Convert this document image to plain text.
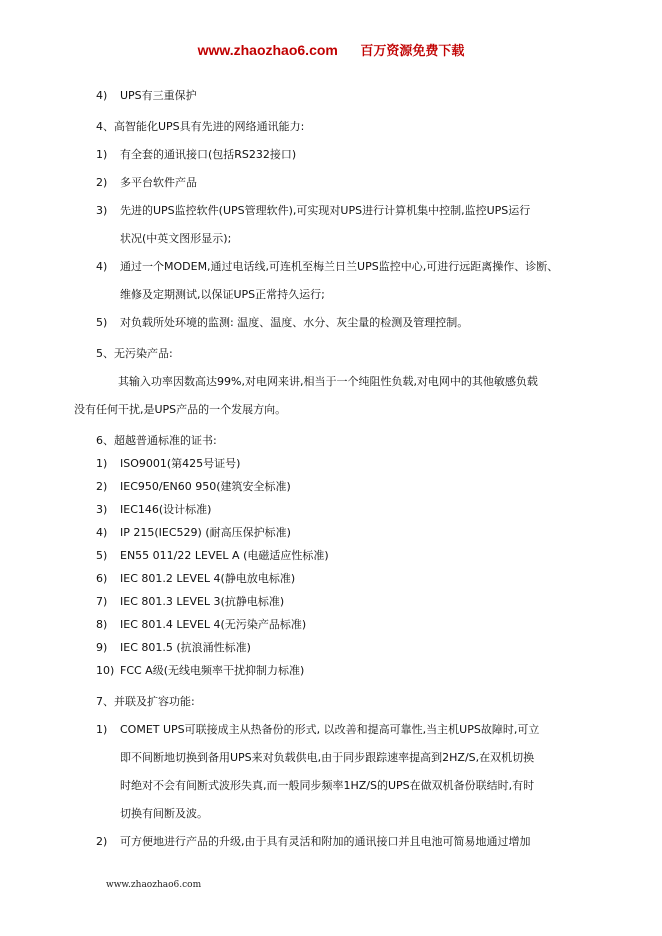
www.zhaozhao6.com 百万资源免费下载
4) UPS有三重保护
4、高智能化UPS具有先进的网络通讯能力:
1) 有全套的通讯接口(包括RS232接口)
2) 多平台软件产品
3) 先进的UPS监控软件(UPS管理软件),可实现对UPS进行计算机集中控制,监控UPS运行
状况(中英文图形显示);
4) 通过一个MODEM,通过电话线,可连机至梅兰日兰UPS监控中心,可进行远距离操作、诊断、
维修及定期测试,以保证UPS正常持久运行;
5) 对负载所处环境的监测: 温度、温度、水分、灰尘量的检测及管理控制。
5、无污染产品:
其输入功率因数高达99%,对电网来讲,相当于一个纯阻性负载,对电网中的其他敏感负载
没有任何干扰,是UPS产品的一个发展方向。
6、超越普通标准的证书:
1) ISO9001(第425号证号)
2) IEC950/EN60 950(建筑安全标准)
3) IEC146(设计标准)
4) IP 215(IEC529) (耐高压保护标准)
5) EN55 011/22 LEVEL A (电磁适应性标准)
6) IEC 801.2 LEVEL 4(静电放电标准)
7) IEC 801.3 LEVEL 3(抗静电标准)
8) IEC 801.4 LEVEL 4(无污染产品标准)
9) IEC 801.5 (抗浪涌性标准)
10) FCC A级(无线电频率干扰抑制力标准)
7、并联及扩容功能:
1) COMET UPS可联接成主从热备份的形式, 以改善和提高可靠性,当主机UPS故障时,可立
即不间断地切换到备用UPS来对负载供电,由于同步跟踪速率提高到2HZ/S,在双机切换
时绝对不会有间断式波形失真,而一般同步频率1HZ/S的UPS在做双机备份联结时,有时
切换有间断及波。
2) 可方便地进行产品的升级,由于具有灵活和附加的通讯接口并且电池可简易地通过增加
www.zhaozhao6.com
